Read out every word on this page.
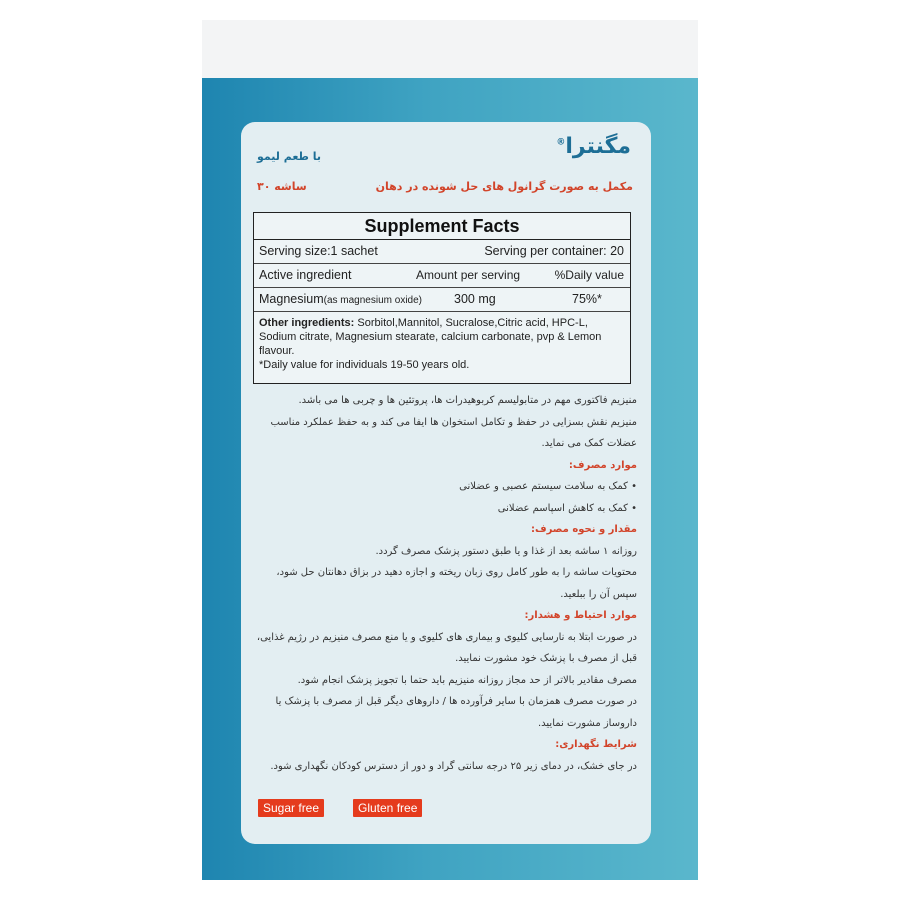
مگنترا®
با طعم لیمو
۳۰ ساشه	مکمل به صورت گرانول های حل شونده در دهان
Supplement Facts
Serving size:1 sachet	Serving per container: 20
Active ingredient	Amount per serving	%Daily value
Magnesium(as magnesium oxide)	300 mg	75%*
Other ingredients: Sorbitol,Mannitol, Sucralose,Citric acid, HPC-L, Sodium citrate, Magnesium stearate, calcium carbonate, pvp & Lemon flavour.
*Daily value for individuals 19-50 years old.

منیزیم فاکتوری مهم در متابولیسم کربوهیدرات ها، پروتئین ها و چربی ها می باشد.

منیزیم نقش بسزایی در حفظ و تکامل استخوان ها ایفا می کند و به حفظ عملکرد مناسب عضلات کمک می نماید.

موارد مصرف:

• کمک به سلامت سیستم عصبی و عضلانی

• کمک به کاهش اسپاسم عضلانی

مقدار و نحوه مصرف:

روزانه ۱ ساشه بعد از غذا و یا طبق دستور پزشک مصرف گردد.

محتویات ساشه را به طور کامل روی زبان ریخته و اجازه دهید در بزاق دهانتان حل شود، سپس آن را ببلعید.

موارد احتیاط و هشدار:

در صورت ابتلا به نارسایی کلیوی و بیماری های کلیوی و یا منع مصرف منیزیم در رژیم غذایی، قبل از مصرف با پزشک خود مشورت نمایید.

مصرف مقادیر بالاتر از حد مجاز روزانه منیزیم باید حتما با تجویز پزشک انجام شود.

در صورت مصرف همزمان با سایر فرآورده ها / داروهای دیگر قبل از مصرف با پزشک یا داروساز مشورت نمایید.

شرایط نگهداری:

در جای خشک، در دمای زیر ۲۵ درجه سانتی گراد و دور از دسترس کودکان نگهداری شود.

Sugar free	Gluten free
